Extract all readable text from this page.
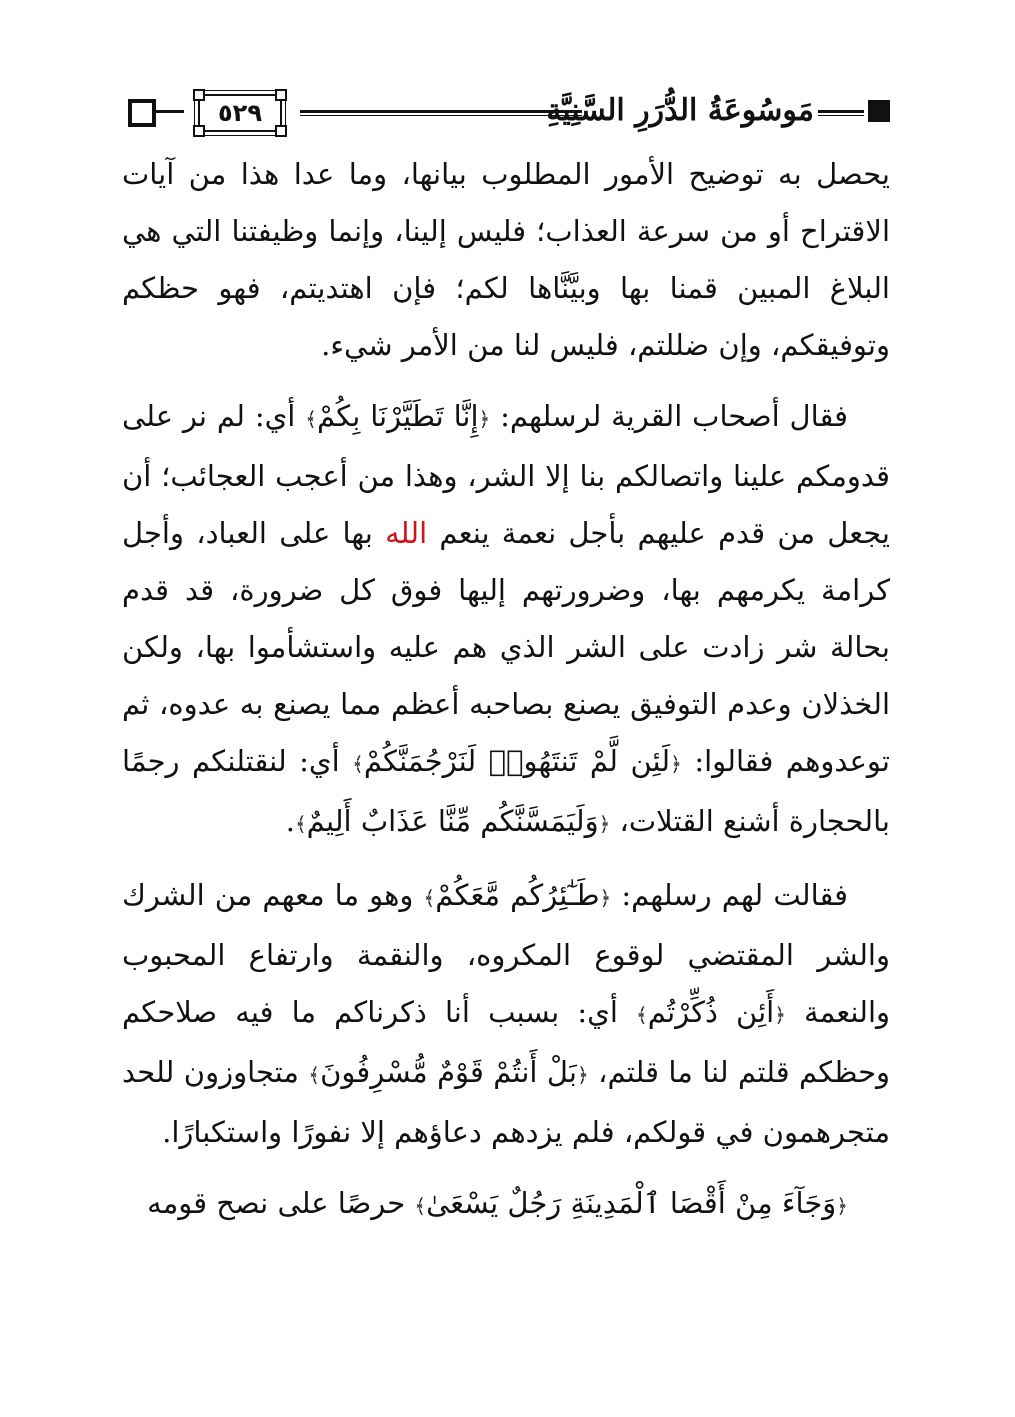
مَوسُوعَةُ الدُّرَرِ السَّنِيَّةِ
٥٢٩

يحصل به توضيح الأمور المطلوب بيانها، وما عدا هذا من آيات الاقتراح أو من سرعة العذاب؛ فليس إلينا، وإنما وظيفتنا التي هي البلاغ المبين قمنا بها وبيَّنَّاها لكم؛ فإن اهتديتم، فهو حظكم وتوفيقكم، وإن ضللتم، فليس لنا من الأمر شيء.

فقال أصحاب القرية لرسلهم: ﴿إِنَّا تَطَيَّرْنَا بِكُمْ﴾ أي: لم نر على قدومكم علينا واتصالكم بنا إلا الشر، وهذا من أعجب العجائب؛ أن يجعل من قدم عليهم بأجل نعمة ينعم الله بها على العباد، وأجل كرامة يكرمهم بها، وضرورتهم إليها فوق كل ضرورة، قد قدم بحالة شر زادت على الشر الذي هم عليه واستشأموا بها، ولكن الخذلان وعدم التوفيق يصنع بصاحبه أعظم مما يصنع به عدوه، ثم توعدوهم فقالوا: ﴿لَئِن لَّمْ تَنتَهُوا۟ لَنَرْجُمَنَّكُمْ﴾ أي: لنقتلنكم رجمًا بالحجارة أشنع القتلات، ﴿وَلَيَمَسَّنَّكُم مِّنَّا عَذَابٌ أَلِيمٌ﴾.

فقالت لهم رسلهم: ﴿طَـٰٓئِرُكُم مَّعَكُمْ﴾ وهو ما معهم من الشرك والشر المقتضي لوقوع المكروه، والنقمة وارتفاع المحبوب والنعمة ﴿أَئِن ذُكِّرْتُم﴾ أي: بسبب أنا ذكرناكم ما فيه صلاحكم وحظكم قلتم لنا ما قلتم، ﴿بَلْ أَنتُمْ قَوْمٌ مُّسْرِفُونَ﴾ متجاوزون للحد متجرهمون في قولكم، فلم يزدهم دعاؤهم إلا نفورًا واستكبارًا.

﴿وَجَآءَ مِنْ أَقْصَا ٱلْمَدِينَةِ رَجُلٌ يَسْعَىٰ﴾ حرصًا على نصح قومه
